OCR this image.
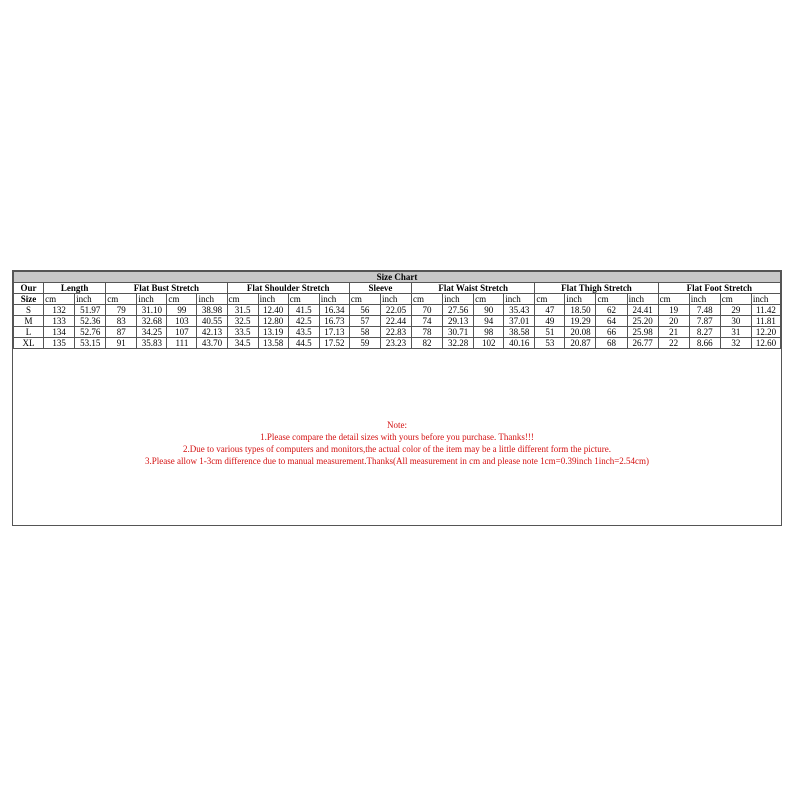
Size Chart																								
Our	Length		Flat Bust Stretch				Flat Shoulder Stretch				Sleeve		Flat Waist Stretch				Flat Thigh Stretch				Flat Foot Stretch			
Size	cm	inch	cm	inch	cm	inch	cm	inch	cm	inch	cm	inch	cm	inch	cm	inch	cm	inch	cm	inch	cm	inch	cm	inch
S	132	51.97	79	31.10	99	38.98	31.5	12.40	41.5	16.34	56	22.05	70	27.56	90	35.43	47	18.50	62	24.41	19	7.48	29	11.42
M	133	52.36	83	32.68	103	40.55	32.5	12.80	42.5	16.73	57	22.44	74	29.13	94	37.01	49	19.29	64	25.20	20	7.87	30	11.81
L	134	52.76	87	34.25	107	42.13	33.5	13.19	43.5	17.13	58	22.83	78	30.71	98	38.58	51	20.08	66	25.98	21	8.27	31	12.20
XL	135	53.15	91	35.83	111	43.70	34.5	13.58	44.5	17.52	59	23.23	82	32.28	102	40.16	53	20.87	68	26.77	22	8.66	32	12.60
Note:
1.Please compare the detail sizes with yours before you purchase. Thanks!!!
2.Due to various types of computers and monitors,the actual color of the item may be a little different form the picture.
3.Please allow 1-3cm difference due to manual measurement.Thanks(All measurement in cm and please note 1cm=0.39inch 1inch=2.54cm)
